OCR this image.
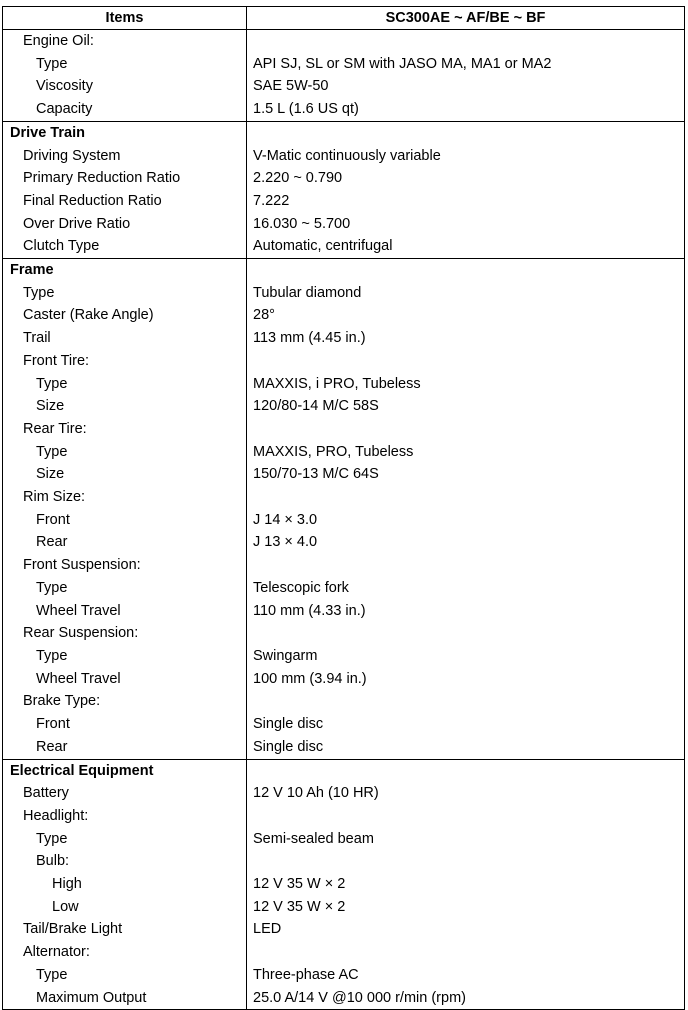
Items	SC300AE ~ AF/BE ~ BF
Engine Oil:	
Type	API SJ, SL or SM with JASO MA, MA1 or MA2
Viscosity	SAE 5W-50
Capacity	1.5 L (1.6 US qt)
Drive Train	
Driving System	V-Matic continuously variable
Primary Reduction Ratio	2.220 ~ 0.790
Final Reduction Ratio	7.222
Over Drive Ratio	16.030 ~ 5.700
Clutch Type	Automatic, centrifugal
Frame	
Type	Tubular diamond
Caster (Rake Angle)	28°
Trail	113 mm (4.45 in.)
Front Tire:	
Type	MAXXIS, i PRO, Tubeless
Size	120/80-14 M/C 58S
Rear Tire:	
Type	MAXXIS, PRO, Tubeless
Size	150/70-13 M/C 64S
Rim Size:	
Front	J 14 × 3.0
Rear	J 13 × 4.0
Front Suspension:	
Type	Telescopic fork
Wheel Travel	110 mm (4.33 in.)
Rear Suspension:	
Type	Swingarm
Wheel Travel	100 mm (3.94 in.)
Brake Type:	
Front	Single disc
Rear	Single disc
Electrical Equipment	
Battery	12 V 10 Ah (10 HR)
Headlight:	
Type	Semi-sealed beam
Bulb:	
High	12 V 35 W × 2
Low	12 V 35 W × 2
Tail/Brake Light	LED
Alternator:	
Type	Three-phase AC
Maximum Output	25.0 A/14 V @10 000 r/min (rpm)
